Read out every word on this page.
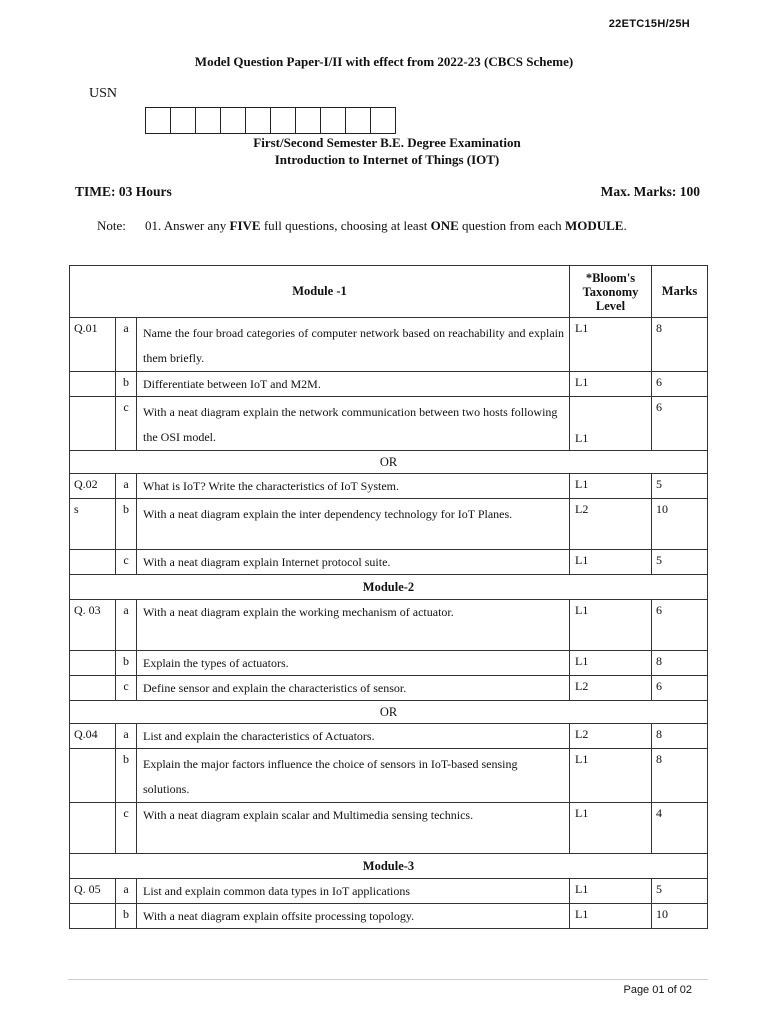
22ETC15H/25H
Model Question Paper-I/II with effect from 2022-23 (CBCS Scheme)
USN
First/Second Semester B.E. Degree Examination
Introduction to Internet of Things (IOT)
TIME: 03 Hours	Max. Marks: 100
Note: 01. Answer any FIVE full questions, choosing at least ONE question from each MODULE.
Module -1			*Bloom's Taxonomy Level	Marks
Q.01	a	Name the four broad categories of computer network based on reachability and explain them briefly.	L1	8
	b	Differentiate between IoT and M2M.	L1	6
	c	With a neat diagram explain the network communication between two hosts following the OSI model.	L1	6
OR				
Q.02	a	What is IoT? Write the characteristics of IoT System.	L1	5
s	b	With a neat diagram explain the inter dependency technology for IoT Planes.	L2	10
	c	With a neat diagram explain Internet protocol suite.	L1	5
Module-2				
Q. 03	a	With a neat diagram explain the working mechanism of actuator.	L1	6
	b	Explain the types of actuators.	L1	8
	c	Define sensor and explain the characteristics of sensor.	L2	6
OR				
Q.04	a	List and explain the characteristics of Actuators.	L2	8
	b	Explain the major factors influence the choice of sensors in IoT-based sensing solutions.	L1	8
	c	With a neat diagram explain scalar and Multimedia sensing technics.	L1	4
Module-3				
Q. 05	a	List and explain common data types in IoT applications	L1	5
	b	With a neat diagram explain offsite processing topology.	L1	10
Page 01 of 02
